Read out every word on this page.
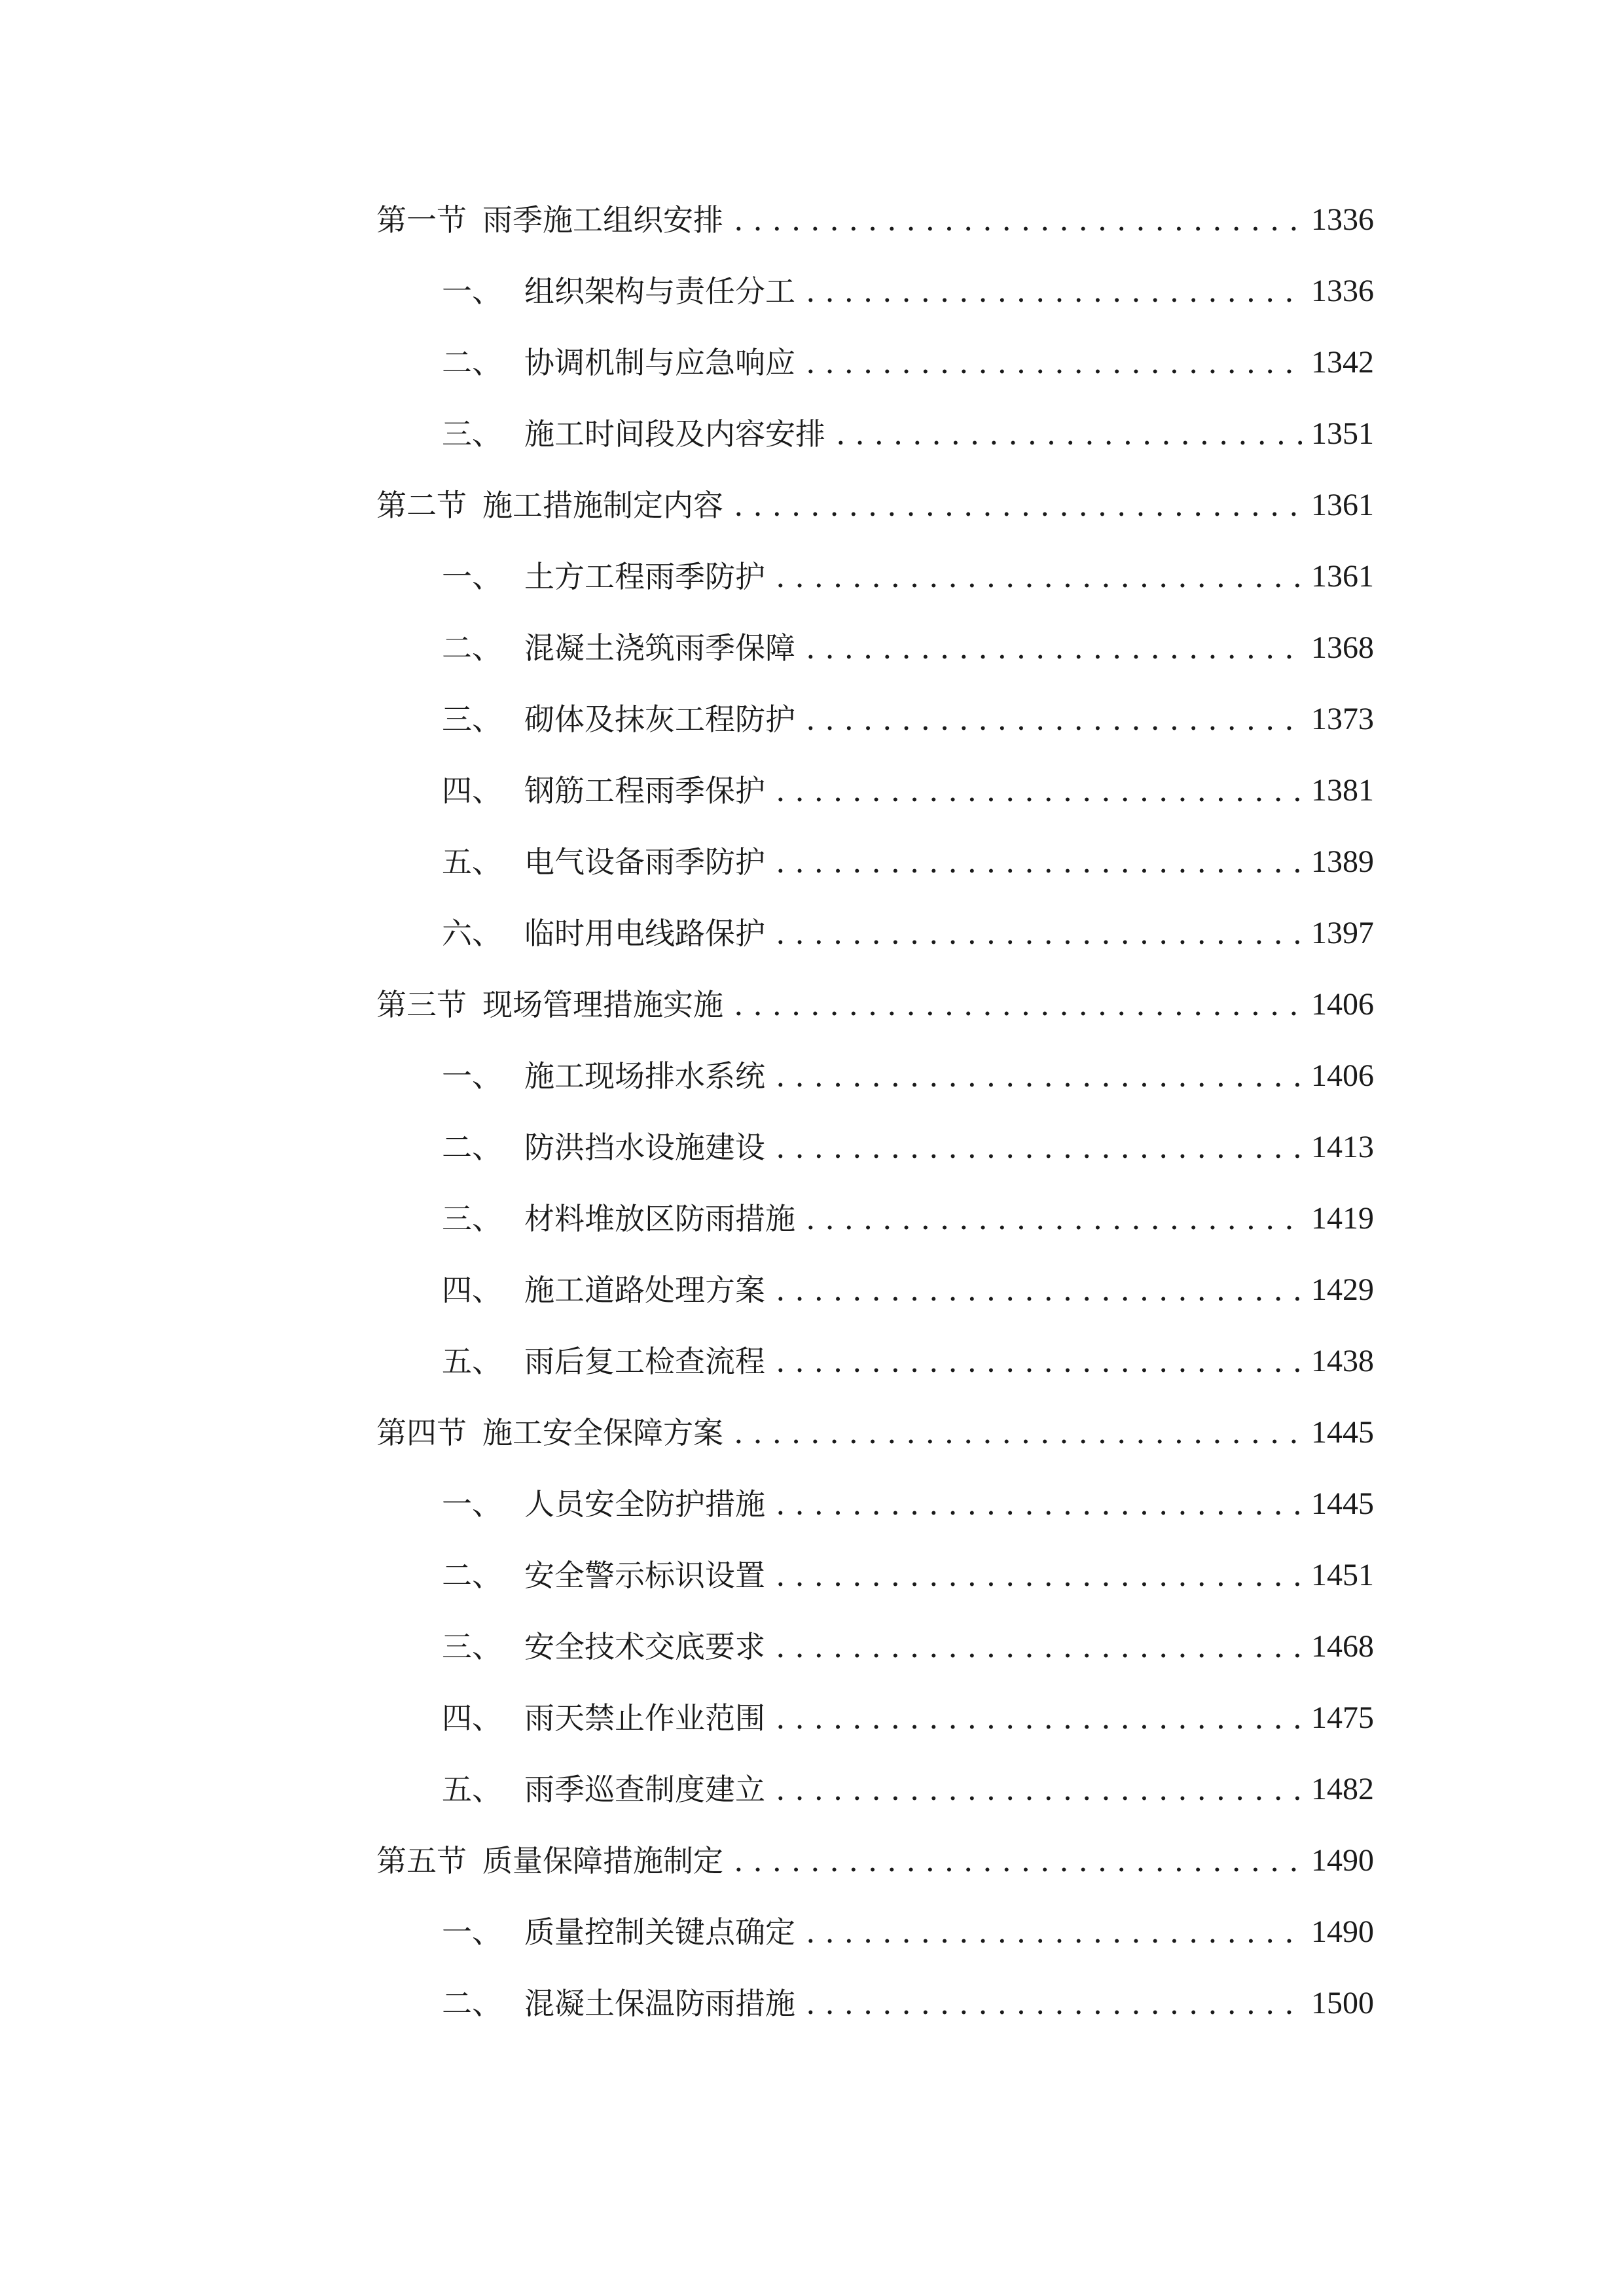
第一节 雨季施工组织安排 . . .	1336
一、 组织架构与责任分工 . . .	1336
二、 协调机制与应急响应 . . .	1342
三、 施工时间段及内容安排 . . .	1351
第二节 施工措施制定内容 . . .	1361
一、 土方工程雨季防护 . . .	1361
二、 混凝土浇筑雨季保障 . . .	1368
三、 砌体及抹灰工程防护 . . .	1373
四、 钢筋工程雨季保护 . . .	1381
五、 电气设备雨季防护 . . .	1389
六、 临时用电线路保护 . . .	1397
第三节 现场管理措施实施 . . .	1406
一、 施工现场排水系统 . . .	1406
二、 防洪挡水设施建设 . . .	1413
三、 材料堆放区防雨措施 . . .	1419
四、 施工道路处理方案 . . .	1429
五、 雨后复工检查流程 . . .	1438
第四节 施工安全保障方案 . . .	1445
一、 人员安全防护措施 . . .	1445
二、 安全警示标识设置 . . .	1451
三、 安全技术交底要求 . . .	1468
四、 雨天禁止作业范围 . . .	1475
五、 雨季巡查制度建立 . . .	1482
第五节 质量保障措施制定 . . .	1490
一、 质量控制关键点确定 . . .	1490
二、 混凝土保温防雨措施 . . .	1500
